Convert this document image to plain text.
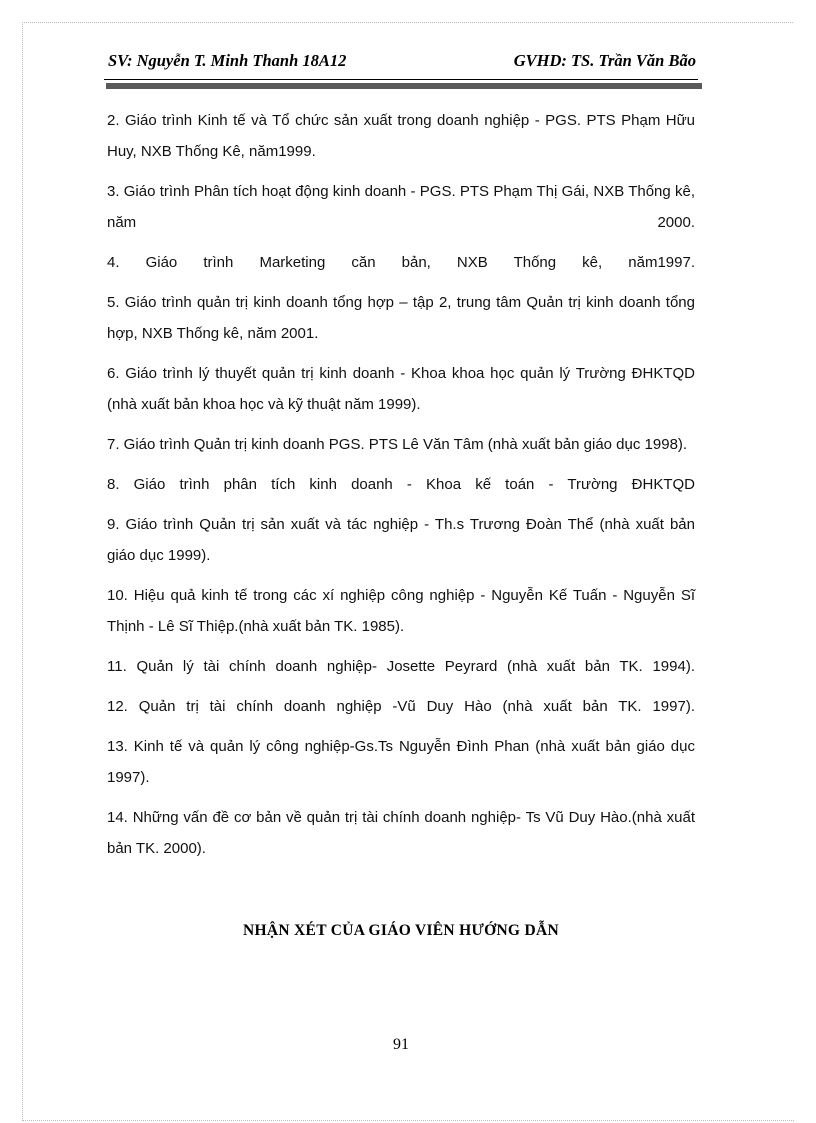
SV: Nguyễn T. Minh Thanh 18A12	GVHD: TS. Trần Văn Bão
2. Giáo trình Kinh tế và Tổ chức sản xuất trong doanh nghiệp - PGS. PTS Phạm Hữu Huy, NXB Thống Kê, năm1999.
3. Giáo trình Phân tích hoạt động kinh doanh - PGS. PTS Phạm Thị Gái, NXB Thống kê, năm 2000.
4. Giáo trình Marketing căn bản, NXB Thống kê, năm1997.
5. Giáo trình quản trị kinh doanh tổng hợp – tập 2, trung tâm Quản trị kinh doanh tổng hợp, NXB Thống kê, năm 2001.
6. Giáo trình lý thuyết quản trị kinh doanh - Khoa khoa học quản lý Trường ĐHKTQD (nhà xuất bản khoa học và kỹ thuật năm 1999).
7. Giáo trình Quản trị kinh doanh PGS. PTS Lê Văn Tâm (nhà xuất bản giáo dục 1998).
8. Giáo trình phân tích kinh doanh - Khoa kế toán - Trường ĐHKTQD
9. Giáo trình Quản trị sản xuất và tác nghiệp - Th.s Trương Đoàn Thể (nhà xuất bản giáo dục 1999).
10. Hiệu quả kinh tế trong các xí nghiệp công nghiệp - Nguyễn Kế Tuấn - Nguyễn Sĩ Thịnh - Lê Sĩ Thiệp.(nhà xuất bản TK. 1985).
11. Quản lý tài chính doanh nghiệp- Josette Peyrard (nhà xuất bản TK. 1994).
12. Quản trị tài chính doanh nghiệp -Vũ Duy Hào (nhà xuất bản TK. 1997).
13. Kinh tế và quản lý công nghiệp-Gs.Ts Nguyễn Đình Phan (nhà xuất bản giáo dục 1997).
14. Những vấn đề cơ bản về quản trị tài chính doanh nghiệp- Ts Vũ Duy Hào.(nhà xuất bản TK. 2000).
NHẬN XÉT CỦA GIÁO VIÊN HƯỚNG DẪN
91
